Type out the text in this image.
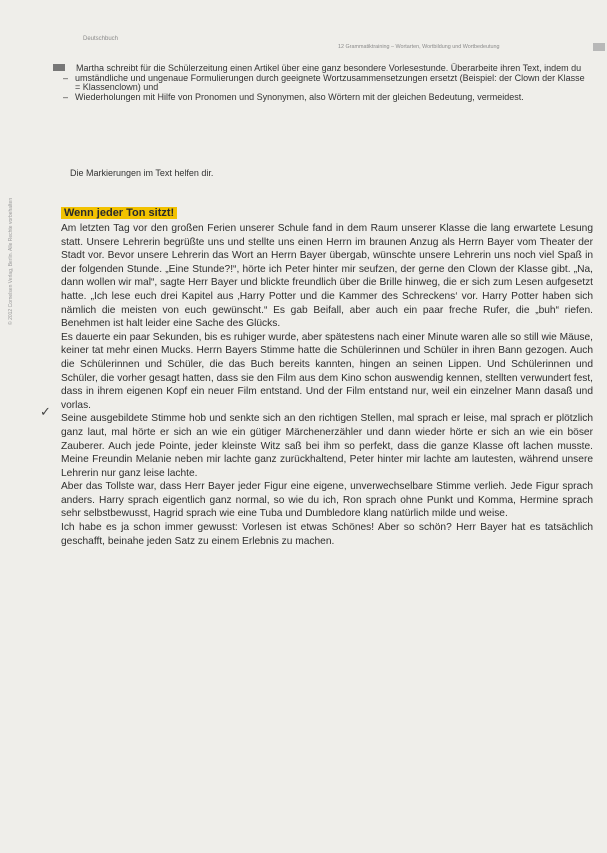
Deutschbuch
12 Grammatiktraining – Wortarten, Wortbildung und Wortbedeutung

Martha schreibt für die Schülerzeitung einen Artikel über eine ganz besondere Vorlesestunde. Überarbeite ihren Text, indem du

– umständliche und ungenaue Formulierungen durch geeignete Wortzusammensetzungen ersetzt (Beispiel: der Clown der Klasse = Klassenclown) und
– Wiederholungen mit Hilfe von Pronomen und Synonymen, also Wörtern mit der gleichen Bedeutung, vermeidest.
Die Markierungen im Text helfen dir.
Wenn jeder Ton sitzt!

Am letzten Tag vor den großen Ferien unserer Schule fand in dem Raum unserer Klasse die lang erwartete Lesung statt. Unsere Lehrerin begrüßte uns und stellte uns einen Herrn im braunen Anzug als Herrn Bayer vom Theater der Stadt vor. Bevor unsere Lehrerin das Wort an Herrn Bayer übergab, wünschte unsere Lehrerin uns noch viel Spaß in der folgenden Stunde. „Eine Stunde?!“, hörte ich Peter hinter mir seufzen, der gerne den Clown der Klasse gibt. „Na, dann wollen wir mal“, sagte Herr Bayer und blickte freundlich über die Brille hinweg, die er sich zum Lesen aufgesetzt hatte. „Ich lese euch drei Kapitel aus ‚Harry Potter und die Kammer des Schreckens‘ vor. Harry Potter haben sich nämlich die meisten von euch gewünscht.“ Es gab Beifall, aber auch ein paar freche Rufer, die „buh“ riefen. Benehmen ist halt leider eine Sache des Glücks.

Es dauerte ein paar Sekunden, bis es ruhiger wurde, aber spätestens nach einer Minute waren alle so still wie Mäuse, keiner tat mehr einen Mucks. Herrn Bayers Stimme hatte die Schülerinnen und Schüler in ihren Bann gezogen. Auch die Schülerinnen und Schüler, die das Buch bereits kannten, hingen an seinen Lippen. Und Schülerinnen und Schüler, die vorher gesagt hatten, dass sie den Film aus dem Kino schon auswendig kennen, stellten verwundert fest, dass in ihrem eigenen Kopf ein neuer Film entstand. Und der Film entstand nur, weil ein einzelner Mann dasaß und vorlas.

Seine ausgebildete Stimme hob und senkte sich an den richtigen Stellen, mal sprach er leise, mal sprach er plötzlich ganz laut, mal hörte er sich an wie ein gütiger Märchenerzähler und dann wieder hörte er sich an wie ein böser Zauberer. Auch jede Pointe, jeder kleinste Witz saß bei ihm so perfekt, dass die ganze Klasse oft lachen musste. Meine Freundin Melanie neben mir lachte ganz zurückhaltend, Peter hinter mir lachte am lautesten, während unsere Lehrerin nur ganz leise lachte.

Aber das Tollste war, dass Herr Bayer jeder Figur eine eigene, unverwechselbare Stimme verlieh. Jede Figur sprach anders. Harry sprach eigentlich ganz normal, so wie du ich, Ron sprach ohne Punkt und Komma, Hermine sprach sehr selbstbewusst, Hagrid sprach wie eine Tuba und Dumbledore klang natürlich milde und weise.

Ich habe es ja schon immer gewusst: Vorlesen ist etwas Schönes! Aber so schön? Herr Bayer hat es tatsächlich geschafft, beinahe jeden Satz zu einem Erlebnis zu machen.

© 2012 Cornelsen Verlag, Berlin. Alle Rechte vorbehalten
✓
